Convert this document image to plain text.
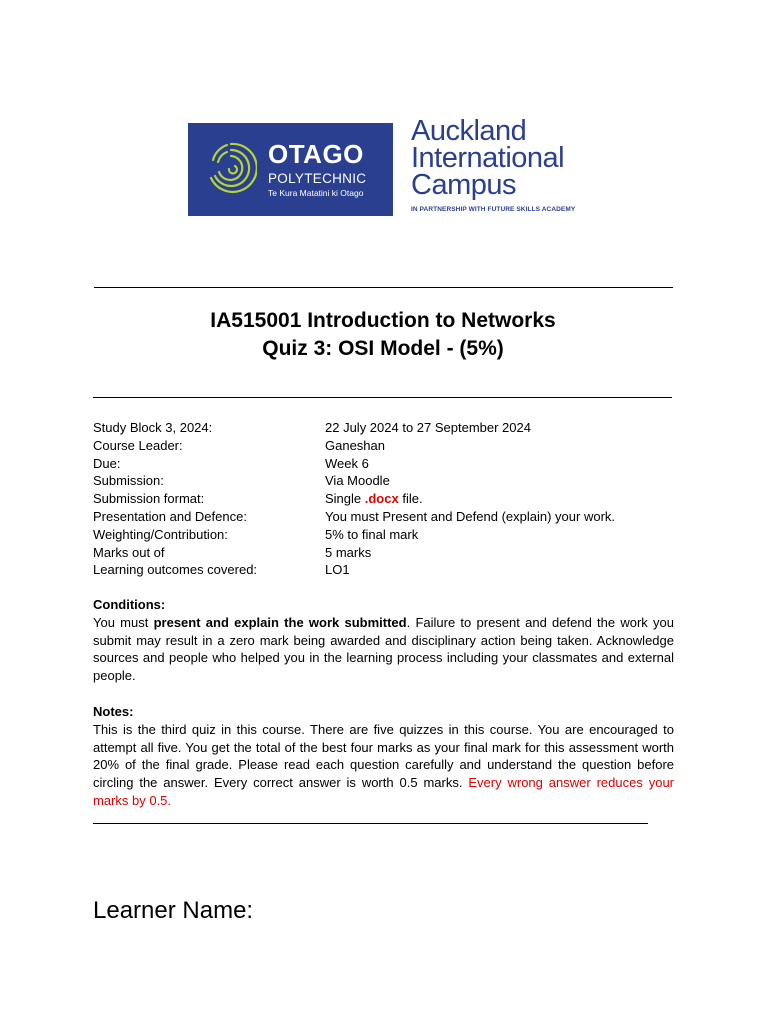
OTAGO
POLYTECHNIC
Te Kura Matatini ki Otago
Auckland
International
Campus
IN PARTNERSHIP WITH FUTURE SKILLS ACADEMY
IA515001 Introduction to Networks
Quiz 3: OSI Model - (5%)
Study Block 3, 2024:	22 July 2024 to 27 September 2024
Course Leader:	Ganeshan
Due:	Week 6
Submission:	Via Moodle
Submission format:	Single .docx file.
Presentation and Defence:	You must Present and Defend (explain) your work.
Weighting/Contribution:	5% to final mark
Marks out of	5 marks
Learning outcomes covered:	LO1
Conditions:
You must present and explain the work submitted. Failure to present and defend the work you submit may result in a zero mark being awarded and disciplinary action being taken. Acknowledge sources and people who helped you in the learning process including your classmates and external people.
Notes:
This is the third quiz in this course. There are five quizzes in this course. You are encouraged to attempt all five. You get the total of the best four marks as your final mark for this assessment worth 20% of the final grade. Please read each question carefully and understand the question before circling the answer. Every correct answer is worth 0.5 marks. Every wrong answer reduces your marks by 0.5.
Learner Name:
